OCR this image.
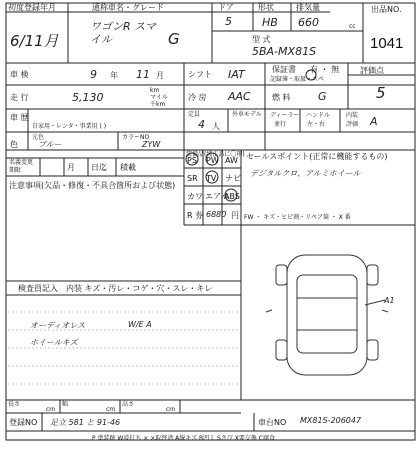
初度登録年月
6/11月
通称車名・グレード
ワゴンR スマイル	G
ドア
5
形状
HB
排気量
660	cc
型 式
5BA-MX81S
出品NO.
1041
車 検	9 年 11 月	シフト IAT	保証書 有 ・ 無
記録簿・取扱・スペ
評価点
5
走 行	5,130
km
マイル
千km
冷 房 AAC	燃 料 G
車 歴
自家用・レンタ・事業用 ( )
定員
4 人
外車モデル ディーラー
並行
ハンドル
左・右
内装
評価 A
元色
色	ブルー
カラーNO
ZYW
装備品(純正品に〇印)
PS PW AW
SR TV ナビ
カワ エアバ
ABS
R 券 6880 円
セールスポイント(正常に機能するもの)
デジタルクロ、アルミホイール
FW ・ キズ・ヒビ割・リペア箇 ・ X 番
名義変更
期限	月 日迄 積載
注意事項(欠品・修復・不具合箇所および状態)
検査員記入 内装 キズ・汚レ・コゲ・穴・スレ・キレ
オーディオレス	W/E A
ホイールキズ
A1
長さ
cm
幅
cm
高さ
cm
登録NO 足立 581 と 91-46	車台NO MX81S-206047
P 塗装跡 W波打ち × ×取替済 A線キズ B凹ミ Sさび X要交換 C腐食
